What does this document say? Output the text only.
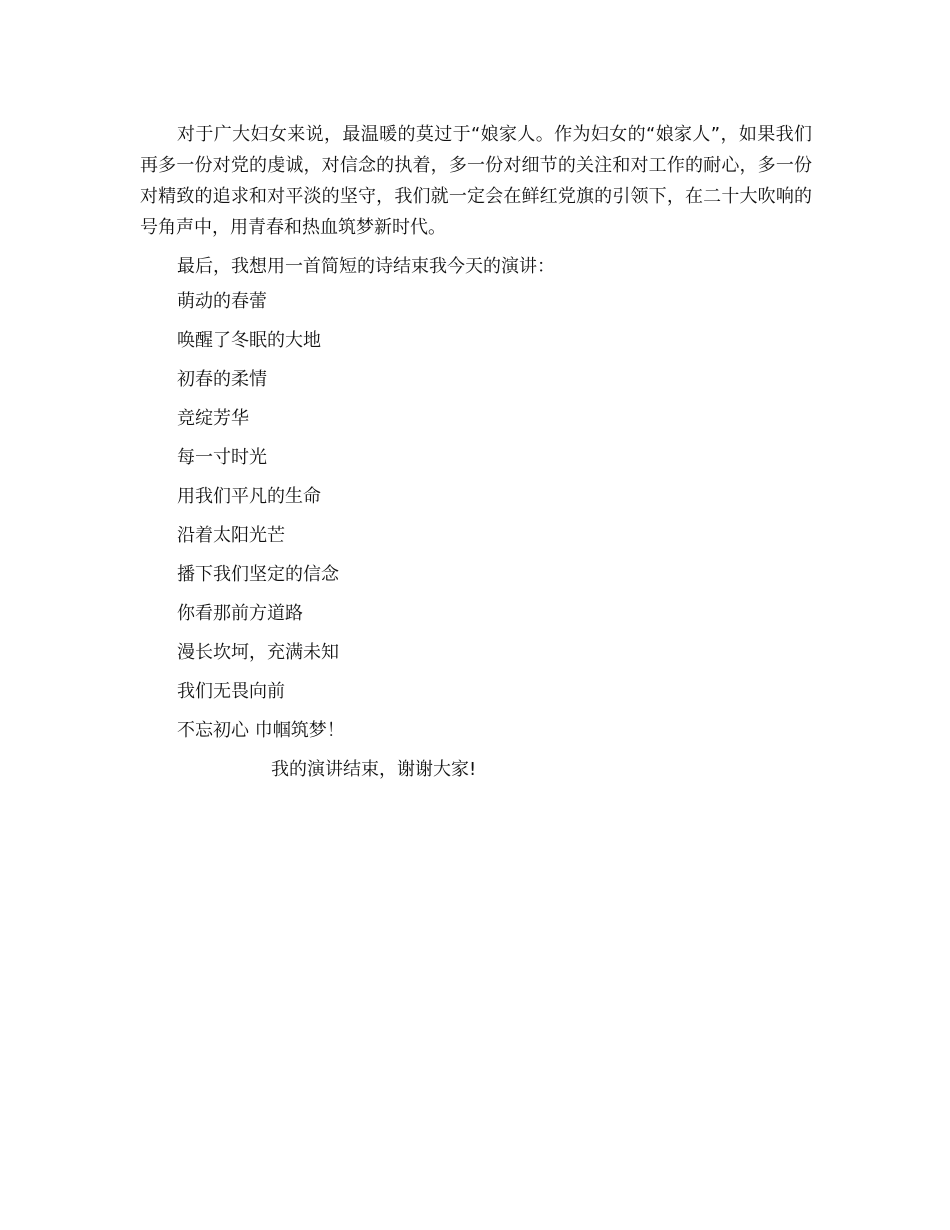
对于广大妇女来说，最温暖的莫过于“娘家人。作为妇女的“娘家人”，如果我们再多一份对党的虔诚，对信念的执着，多一份对细节的关注和对工作的耐心，多一份对精致的追求和对平淡的坚守，我们就一定会在鲜红党旗的引领下，在二十大吹响的号角声中，用青春和热血筑梦新时代。

最后，我想用一首简短的诗结束我今天的演讲：

萌动的春蕾
唤醒了冬眠的大地
初春的柔情
竞绽芳华
每一寸时光
用我们平凡的生命
沿着太阳光芒
播下我们坚定的信念
你看那前方道路
漫长坎坷，充满未知
我们无畏向前
不忘初心 巾帼筑梦！

我的演讲结束，谢谢大家!
